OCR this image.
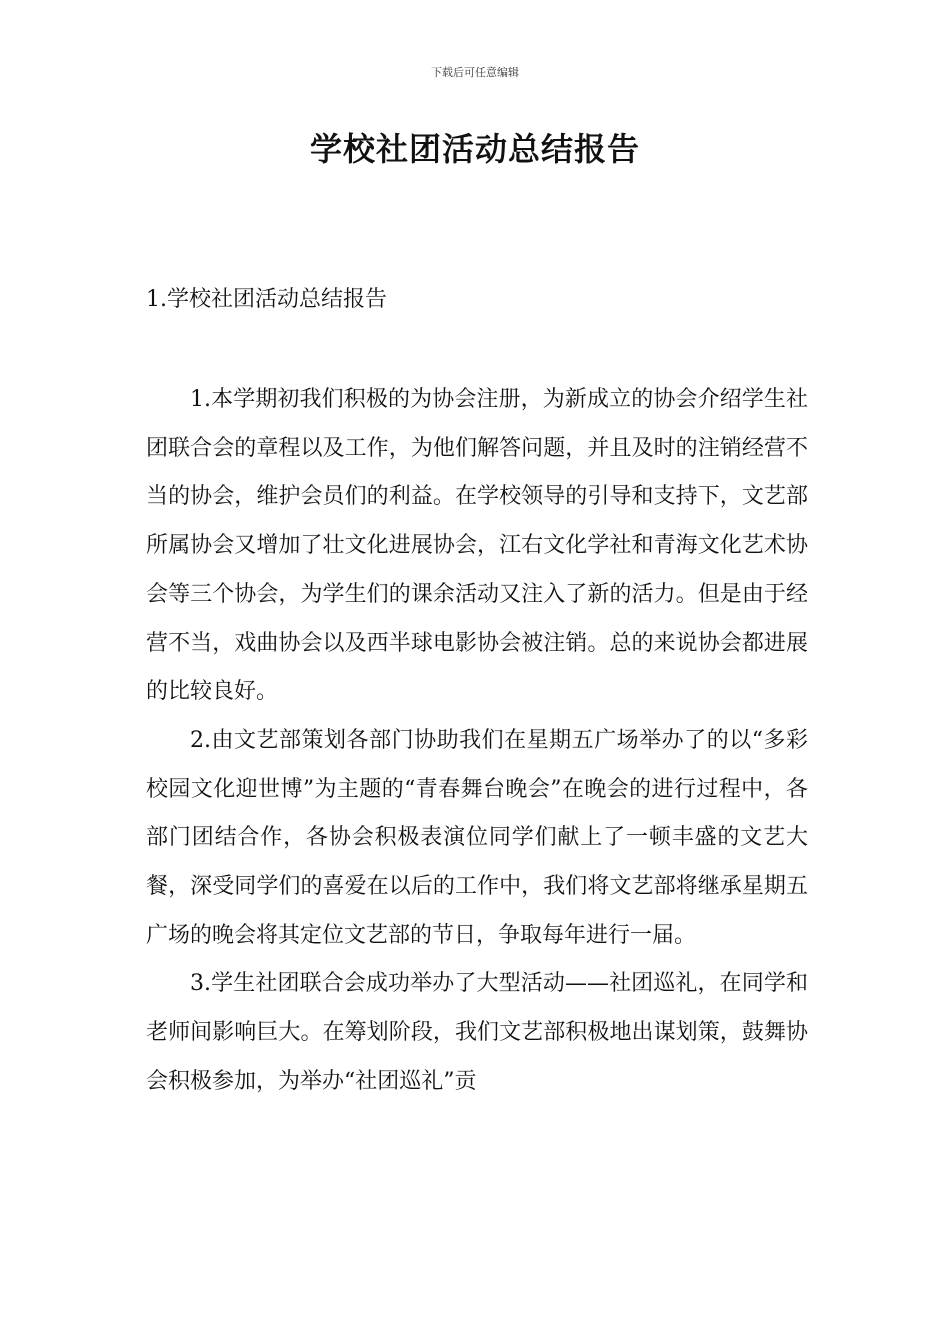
下载后可任意编辑
学校社团活动总结报告
1.学校社团活动总结报告

1.本学期初我们积极的为协会注册，为新成立的协会介绍学生社团联合会的章程以及工作，为他们解答问题，并且及时的注销经营不当的协会，维护会员们的利益。在学校领导的引导和支持下，文艺部所属协会又增加了壮文化进展协会，江右文化学社和青海文化艺术协会等三个协会，为学生们的课余活动又注入了新的活力。但是由于经营不当，戏曲协会以及西半球电影协会被注销。总的来说协会都进展的比较良好。

2.由文艺部策划各部门协助我们在星期五广场举办了的以“多彩校园文化迎世博”为主题的“青春舞台晚会”在晚会的进行过程中，各部门团结合作，各协会积极表演位同学们献上了一顿丰盛的文艺大餐，深受同学们的喜爱在以后的工作中，我们将文艺部将继承星期五广场的晚会将其定位文艺部的节日，争取每年进行一届。

3.学生社团联合会成功举办了大型活动——社团巡礼，在同学和老师间影响巨大。在筹划阶段，我们文艺部积极地出谋划策，鼓舞协会积极参加，为举办“社团巡礼”贡
